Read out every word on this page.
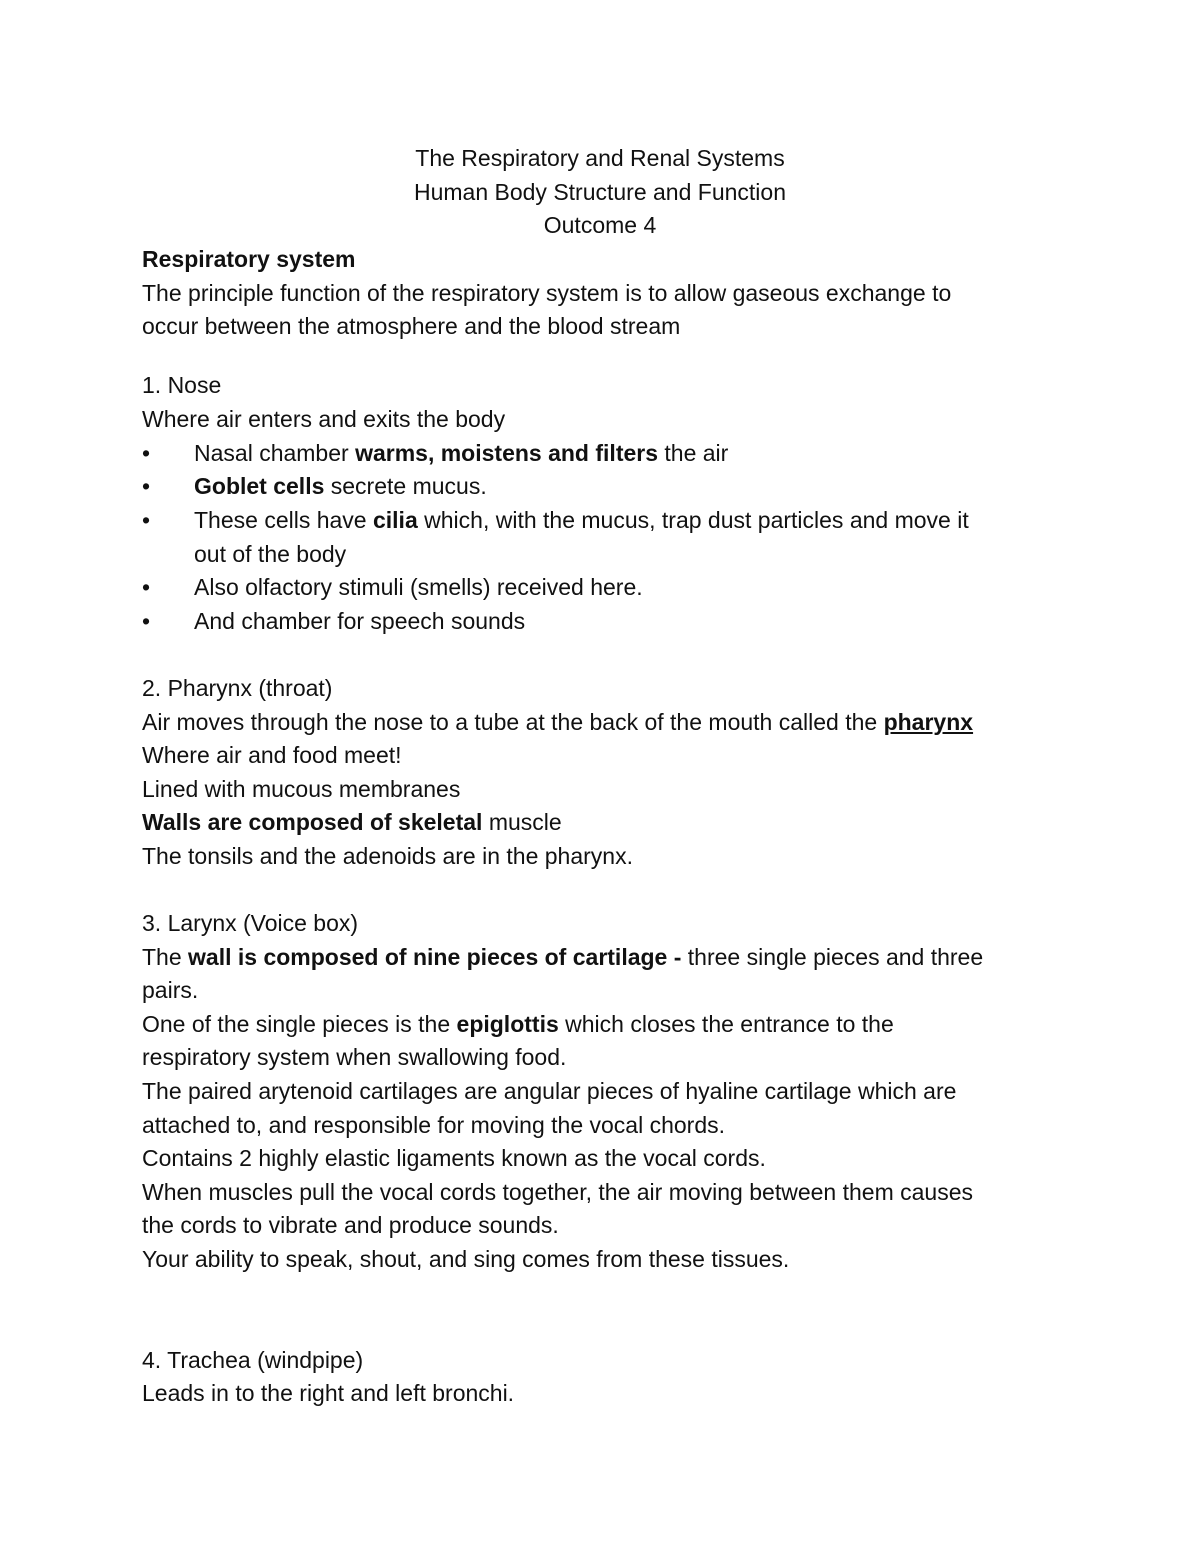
The Respiratory and Renal Systems
Human Body Structure and Function
Outcome 4
Respiratory system
The principle function of the respiratory system is to allow gaseous exchange to
occur between the atmosphere and the blood stream
1. Nose
Where air enters and exits the body
• Nasal chamber warms, moistens and filters the air
• Goblet cells secrete mucus.
• These cells have cilia which, with the mucus, trap dust particles and move it
out of the body
• Also olfactory stimuli (smells) received here.
• And chamber for speech sounds
2. Pharynx (throat)
Air moves through the nose to a tube at the back of the mouth called the pharynx
Where air and food meet!
Lined with mucous membranes
Walls are composed of skeletal muscle
The tonsils and the adenoids are in the pharynx.
3. Larynx (Voice box)
The wall is composed of nine pieces of cartilage - three single pieces and three
pairs.
One of the single pieces is the epiglottis which closes the entrance to the
respiratory system when swallowing food.
The paired arytenoid cartilages are angular pieces of hyaline cartilage which are
attached to, and responsible for moving the vocal chords.
Contains 2 highly elastic ligaments known as the vocal cords.
When muscles pull the vocal cords together, the air moving between them causes
the cords to vibrate and produce sounds.
Your ability to speak, shout, and sing comes from these tissues.
4. Trachea (windpipe)
Leads in to the right and left bronchi.
